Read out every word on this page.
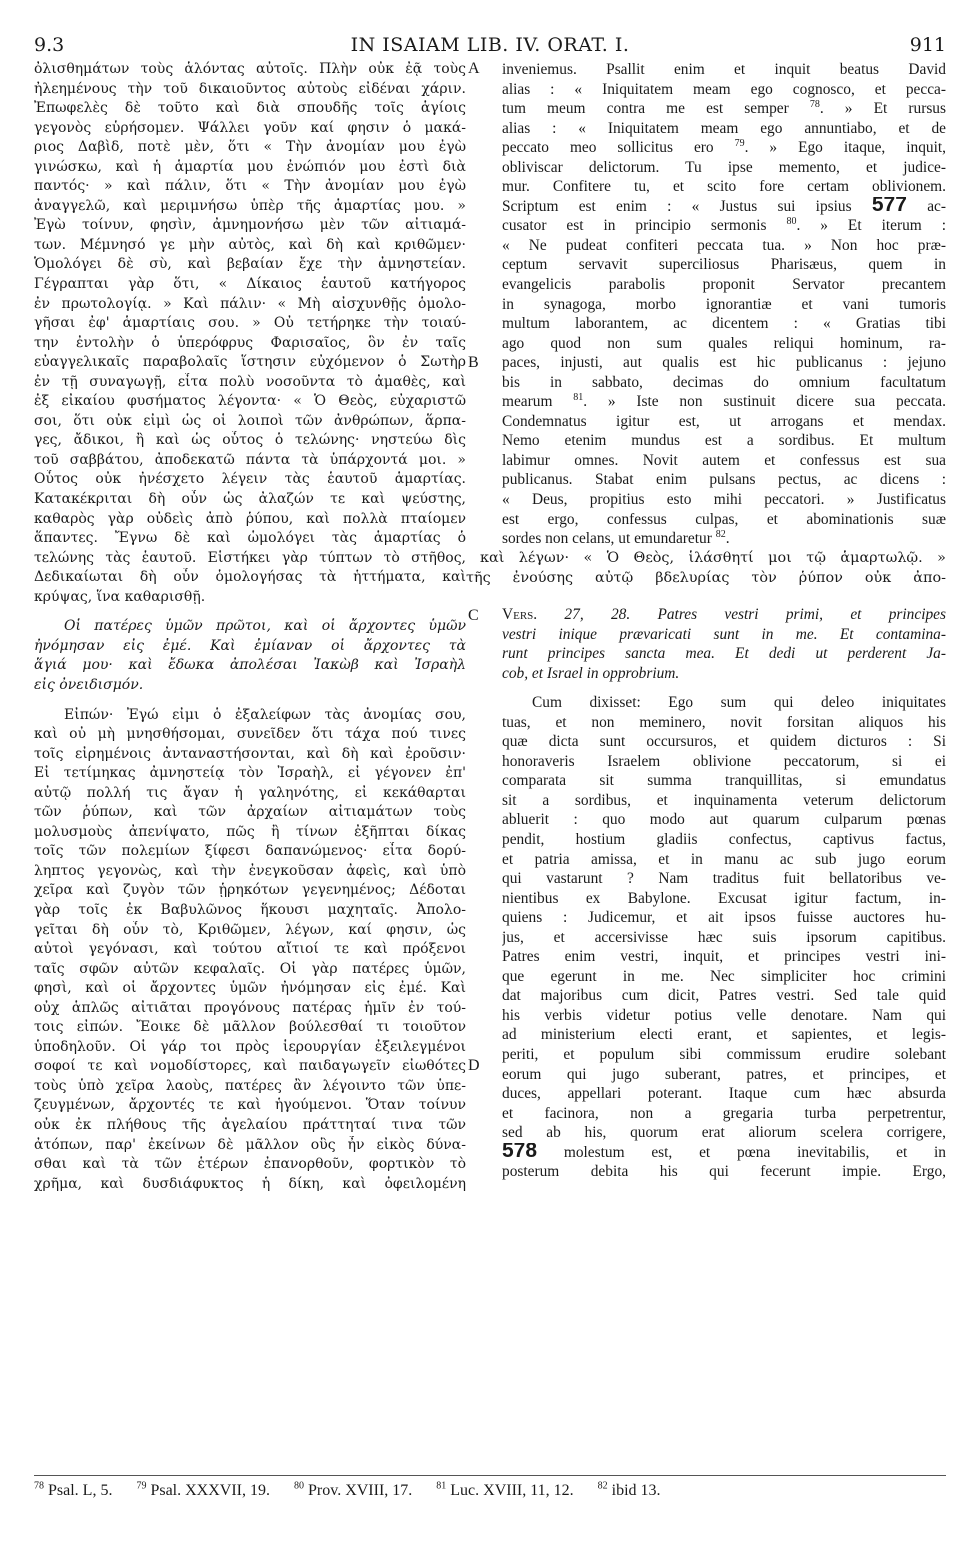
9.3	IN ISAIAM LIB. IV. ORAT. I.	911
ὀλισθημάτων τοὺς ἁλόντας αὐτοῖς. Πλὴν οὐκ ἐᾷ τοὺς
ἠλεημένους τὴν τοῦ δικαιοῦντος αὐτοὺς εἰδέναι χάριν.
Ἐπωφελὲς δὲ τοῦτο καὶ διὰ σπουδῆς τοῖς ἁγίοις
γεγονὸς εὑρήσομεν. Ψάλλει γοῦν καί φησιν ὁ μακά-
ριος Δαβὶδ, ποτὲ μὲν, ὅτι « Τὴν ἀνομίαν μου ἐγὼ
γινώσκω, καὶ ἡ ἁμαρτία μου ἐνώπιόν μου ἐστὶ διὰ
παντός· » καὶ πάλιν, ὅτι « Τὴν ἀνομίαν μου ἐγὼ
ἀναγγελῶ, καὶ μεριμνήσω ὑπὲρ τῆς ἁμαρτίας μου. »
Ἐγὼ τοίνυν, φησὶν, ἀμνημονήσω μὲν τῶν αἰτιαμά-
των. Μέμνησό γε μὴν αὐτὸς, καὶ δὴ καὶ κριθῶμεν·
Ὁμολόγει δὲ σὺ, καὶ βεβαίαν ἔχε τὴν ἀμνηστείαν.
Γέγραπται γὰρ ὅτι, « Δίκαιος ἑαυτοῦ κατήγορος
ἐν πρωτολογίᾳ. » Καὶ πάλιν· « Μὴ αἰσχυνθῇς ὁμολο-
γῆσαι ἐφ' ἁμαρτίαις σου. » Οὐ τετήρηκε τὴν τοιαύ-
την ἐντολὴν ὁ ὑπερόφρυς Φαρισαῖος, ὃν ἐν ταῖς
εὐαγγελικαῖς παραβολαῖς ἵστησιν εὐχόμενον ὁ Σωτὴρ
ἐν τῇ συναγωγῇ, εἶτα πολὺ νοσοῦντα τὸ ἀμαθὲς, καὶ
ἐξ εἰκαίου φυσήματος λέγοντα· « Ὁ Θεὸς, εὐχαριστῶ
σοι, ὅτι οὐκ εἰμὶ ὡς οἱ λοιποὶ τῶν ἀνθρώπων, ἅρπα-
γες, ἄδικοι, ἢ καὶ ὡς οὗτος ὁ τελώνης· νηστεύω δὶς
τοῦ σαββάτου, ἀποδεκατῶ πάντα τὰ ὑπάρχοντά μοι. »
Οὗτος οὐκ ἠνέσχετο λέγειν τὰς ἑαυτοῦ ἁμαρτίας.
Κατακέκριται δὴ οὖν ὡς ἀλαζών τε καὶ ψεύστης,
καθαρὸς γὰρ οὐδεὶς ἀπὸ ῥύπου, καὶ πολλὰ πταίομεν
ἅπαντες. Ἔγνω δὲ καὶ ὡμολόγει τὰς ἁμαρτίας ὁ
τελώνης τὰς ἑαυτοῦ. Εἱστήκει γὰρ τύπτων τὸ στῆθος,
Δεδικαίωται δὴ οὖν ὁμολογήσας τὰ ἡττήματα, καὶ
κρύψας, ἵνα καθαρισθῇ.
Οἱ πατέρες ὑμῶν πρῶτοι, καὶ οἱ ἄρχοντες ὑμῶν
ἠνόμησαν εἰς ἐμέ. Καὶ ἐμίαναν οἱ ἄρχοντες τὰ
ἅγιά μου· καὶ ἔδωκα ἀπολέσαι Ἰακὼβ καὶ Ἰσραὴλ
εἰς ὀνειδισμόν.
Εἰπών· Ἐγώ εἰμι ὁ ἐξαλείφων τὰς ἀνομίας σου,
καὶ οὐ μὴ μνησθήσομαι, συνεῖδεν ὅτι τάχα πού τινες
τοῖς εἰρημένοις ἀνταναστήσονται, καὶ δὴ καὶ ἐροῦσιν·
Εἰ τετίμηκας ἀμνηστείᾳ τὸν Ἰσραὴλ, εἰ γέγονεν ἐπ'
αὐτῷ πολλή τις ἄγαν ἡ γαληνότης, εἰ κεκάθαρται
τῶν ῥύπων, καὶ τῶν ἀρχαίων αἰτιαμάτων τοὺς
μολυσμοὺς ἀπενίψατο, πῶς ἢ τίνων ἐξῆπται δίκας
τοῖς τῶν πολεμίων ξίφεσι δαπανώμενος· εἶτα δορύ-
ληπτος γεγονὼς, καὶ τὴν ἐνεγκοῦσαν ἀφεὶς, καὶ ὑπὸ
χεῖρα καὶ ζυγὸν τῶν ᾑρηκότων γεγενημένος; Δέδοται
γὰρ τοῖς ἐκ Βαβυλῶνος ἥκουσι μαχηταῖς. Ἀπολο-
γεῖται δὴ οὖν τὸ, Κριθῶμεν, λέγων, καί φησιν, ὡς
αὐτοὶ γεγόνασι, καὶ τούτου αἴτιοί τε καὶ πρόξενοι
ταῖς σφῶν αὐτῶν κεφαλαῖς. Οἱ γὰρ πατέρες ὑμῶν,
φησὶ, καὶ οἱ ἄρχοντες ὑμῶν ἠνόμησαν εἰς ἐμέ. Καὶ
οὐχ ἁπλῶς αἰτιᾶται προγόνους πατέρας ἡμῖν ἐν τού-
τοις εἰπών. Ἔοικε δὲ μᾶλλον βούλεσθαί τι τοιοῦτον
ὑποδηλοῦν. Οἱ γάρ τοι πρὸς ἱερουργίαν ἐξειλεγμένοι
σοφοί τε καὶ νομοδίστορες, καὶ παιδαγωγεῖν εἰωθότες
τοὺς ὑπὸ χεῖρα λαοὺς, πατέρες ἂν λέγοιντο τῶν ὑπε-
ζευγμένων, ἄρχοντές τε καὶ ἡγούμενοι. Ὅταν τοίνυν
οὐκ ἐκ πλήθους τῆς ἀγελαίου πράττηταί τινα τῶν
ἀτόπων, παρ' ἐκείνων δὲ μᾶλλον οὓς ἦν εἰκὸς δύνα-
σθαι καὶ τὰ τῶν ἑτέρων ἐπανορθοῦν, φορτικὸν τὸ
χρῆμα, καὶ δυσδιάφυκτος ἡ δίκη, καὶ ὀφειλομένη
inveniemus. Psallit enim et inquit beatus David
alias : « Iniquitatem meam ego cognosco, et pecca-
tum meum contra me est semper $^{78}$. » Et rursus
alias : « Iniquitatem meam ego annuntiabo, et de
peccato meo sollicitus ero $^{79}$. » Ego itaque, inquit,
obliviscar delictorum. Tu ipse memento, et judice-
mur. Confitere tu, et scito fore certam oblivionem.
Scriptum est enim : « Justus sui ipsius 577 ac-
cusator est in principio sermonis $^{80}$. » Et iterum :
« Ne pudeat confiteri peccata tua. » Non hoc præ-
ceptum servavit superciliosus Pharisæus, quem in
evangelicis parabolis proponit Servator precantem
in synagoga, morbo ignorantiæ et vani tumoris
multum laborantem, ac dicentem : « Gratias tibi
ago quod non sum quales reliqui hominum, ra-
paces, injusti, aut qualis est hic publicanus : jejuno
bis in sabbato, decimas do omnium facultatum
mearum $^{81}$. » Iste non sustinuit dicere sua peccata.
Condemnatus igitur est, ut arrogans et mendax.
Nemo etenim mundus est a sordibus. Et multum
labimur omnes. Novit autem et confessus est sua
publicanus. Stabat enim pulsans pectus, ac dicens :
« Deus, propitius esto mihi peccatori. » Justificatus
est ergo, confessus culpas, et abominationis suæ
sordes non celans, ut emundaretur $^{82}$.
καὶ λέγων· « Ὁ Θεὸς, ἱλάσθητί μοι τῷ ἁμαρτωλῷ. »
τῆς ἐνούσης αὐτῷ βδελυρίας τὸν ῥύπον οὐκ ἀπο-
Vers. 27, 28. Patres vestri primi, et principes
vestri inique prævaricati sunt in me. Et contamina-
runt principes sancta mea. Et dedi ut perderent Ja-
cob, et Israel in opprobrium.
Cum dixisset: Ego sum qui deleo iniquitates
tuas, et non meminero, novit forsitan aliquos his
quæ dicta sunt occursuros, et quidem dicturos : Si
honoraveris Israelem oblivione peccatorum, si ei
comparata sit summa tranquillitas, si emundatus
sit a sordibus, et inquinamenta veterum delictorum
abluerit : quo modo aut quarum culparum pœnas
pendit, hostium gladiis confectus, captivus factus,
et patria amissa, et in manu ac sub jugo eorum
qui vastarunt ? Nam traditus fuit bellatoribus ve-
nientibus ex Babylone. Excusat igitur factum, in-
quiens : Judicemur, et ait ipsos fuisse auctores hu-
jus, et accersivisse hæc suis ipsorum capitibus.
Patres enim vestri, inquit, et principes vestri ini-
que egerunt in me. Nec simpliciter hoc crimini
dat majoribus cum dicit, Patres vestri. Sed tale quid
his verbis videtur potius velle denotare. Nam qui
ad ministerium electi erant, et sapientes, et legis-
periti, et populum sibi commissum erudire solebant
eorum qui jugo suberant, patres, et principes, et
duces, appellari poterant. Itaque cum hæc absurda
et facinora, non a gregaria turba perpetrentur,
sed ab his, quorum erat aliorum scelera corrigere,
578 molestum est, et pœna inevitabilis, et in
posterum debita his qui fecerunt impie. Ergo,
A
B
C
D
$^{78}$ Psal. L, 5. $^{79}$ Psal. XXXVII, 19. $^{80}$ Prov. XVIII, 17. $^{81}$ Luc. XVIII, 11, 12. $^{82}$ ibid 13.
